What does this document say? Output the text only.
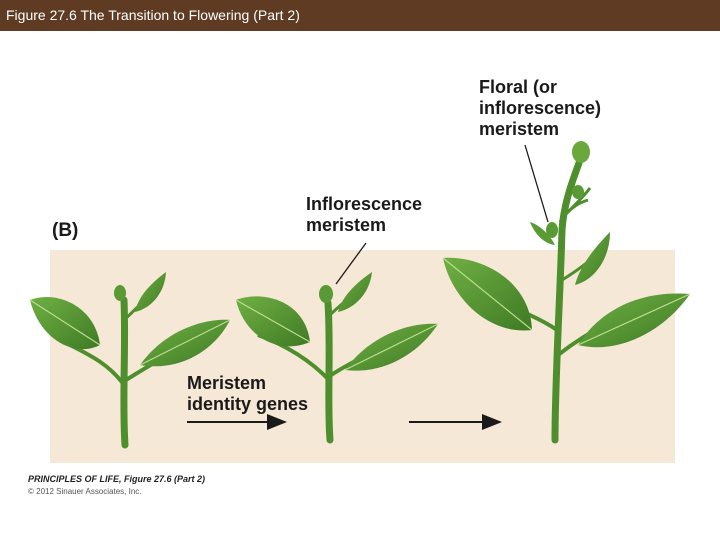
Figure 27.6 The Transition to Flowering (Part 2)
(B)
Floral (or
inflorescence)
meristem
Inflorescence
meristem
Meristem
identity genes
PRINCIPLES OF LIFE, Figure 27.6 (Part 2)
© 2012 Sinauer Associates, Inc.
